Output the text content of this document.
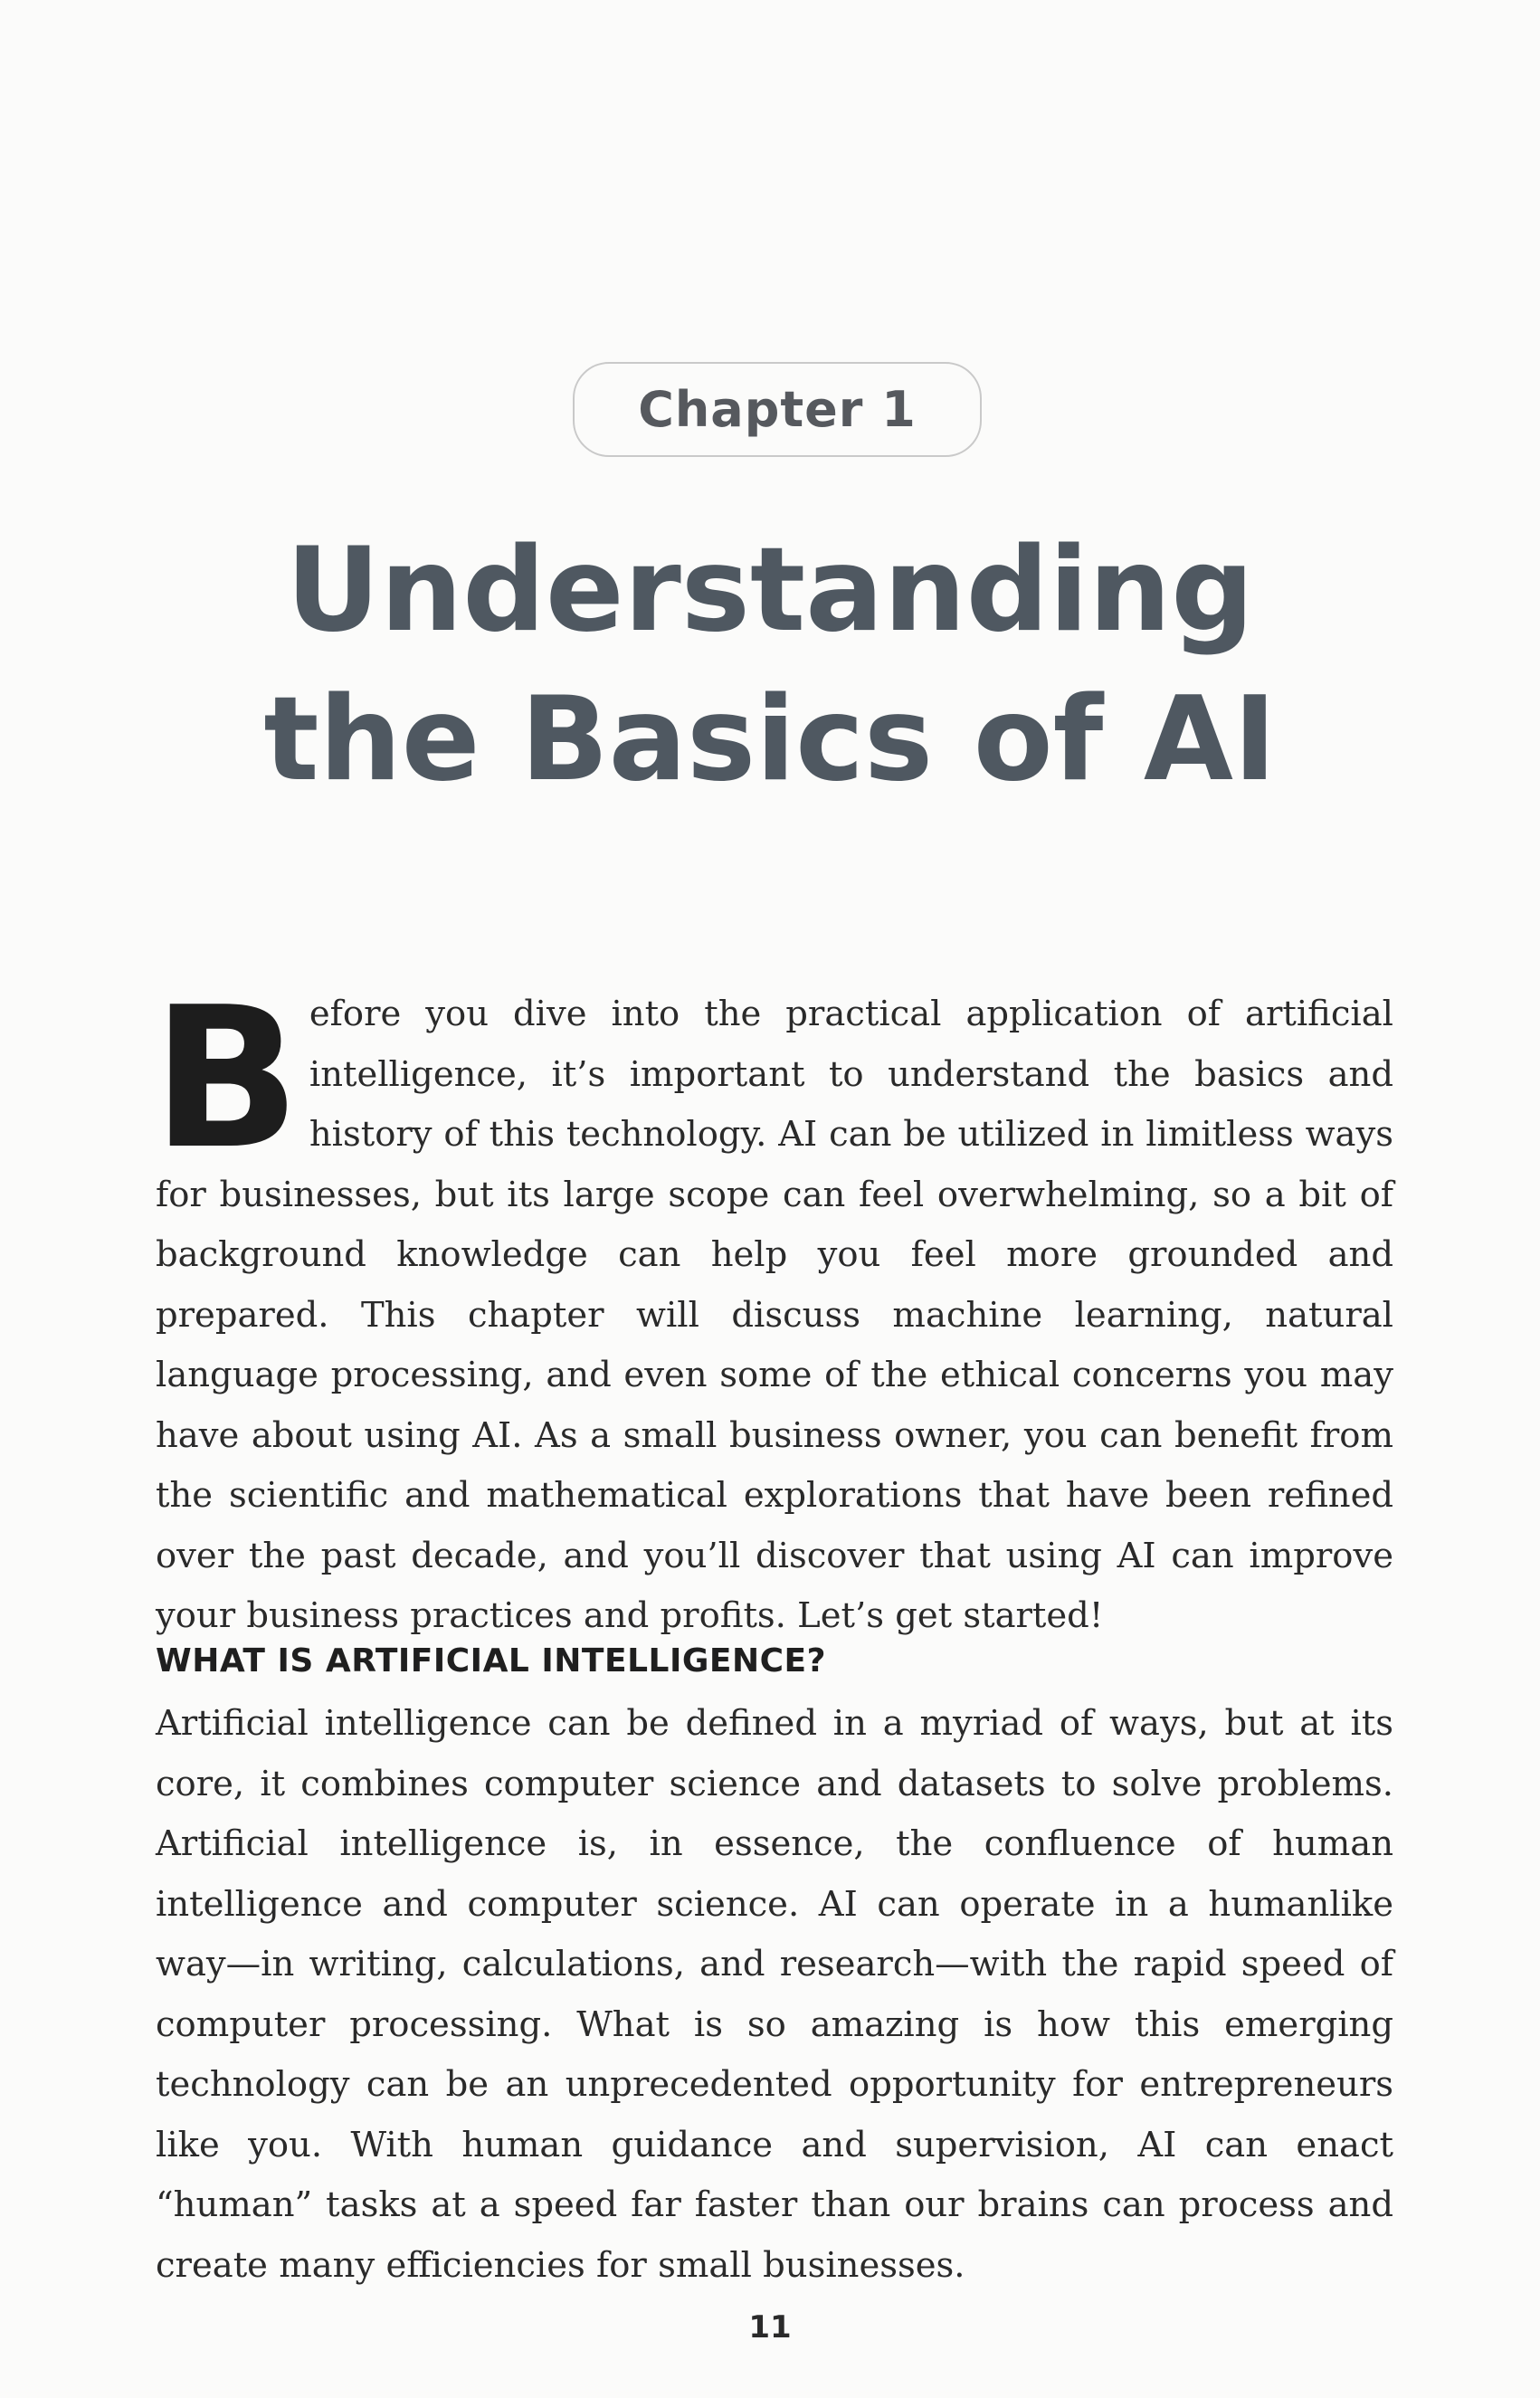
Chapter 1
Understanding
the Basics of AI

Before you dive into the practical application of artificial intelligence, it’s important to understand the basics and history of this technology. AI can be utilized in limitless ways for businesses, but its large scope can feel overwhelming, so a bit of background knowledge can help you feel more grounded and prepared. This chapter will discuss machine learning, natural language processing, and even some of the ethical concerns you may have about using AI. As a small business owner, you can benefit from the scientific and mathematical explorations that have been refined over the past decade, and you’ll discover that using AI can improve your business practices and profits. Let’s get started!

WHAT IS ARTIFICIAL INTELLIGENCE?

Artificial intelligence can be defined in a myriad of ways, but at its core, it combines computer science and datasets to solve problems. Artificial intelligence is, in essence, the confluence of human intelligence and computer science. AI can operate in a humanlike way—in writing, calculations, and research—with the rapid speed of computer processing. What is so amazing is how this emerging technology can be an unprecedented opportunity for entrepreneurs like you. With human guidance and supervision, AI can enact “human” tasks at a speed far faster than our brains can process and create many efficiencies for small businesses.

11
